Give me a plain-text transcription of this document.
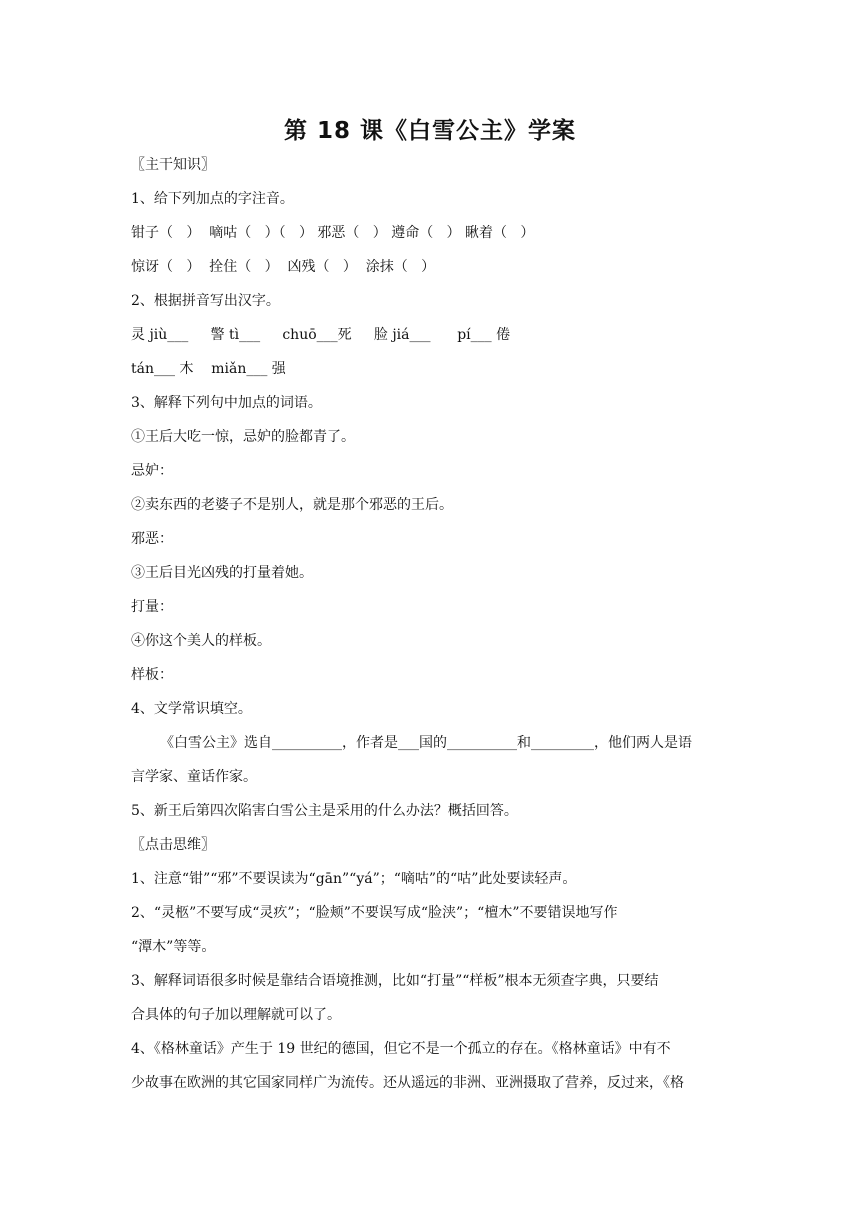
第 18 课《白雪公主》学案
〖主干知识〗
1、给下列加点的字注音。
钳子（   ）  嘀咕（   ）（   ） 邪恶（   ） 遵命（   ） 瞅着（   ）
惊讶（   ）  拴住（   ）  凶残（   ）  涂抹（   ）
2、根据拼音写出汉字。
灵 jiù___     警 tì___     chuō___死     脸 jiá___      pí___ 倦
tán___ 木    miǎn___ 强
3、解释下列句中加点的词语。
①王后大吃一惊，忌妒的脸都青了。
忌妒：
②卖东西的老婆子不是别人，就是那个邪恶的王后。
邪恶：
③王后目光凶残的打量着她。
打量：
④你这个美人的样板。
样板：
4、文学常识填空。
《白雪公主》选自__________，作者是___国的__________和_________，他们两人是语
言学家、童话作家。
5、新王后第四次陷害白雪公主是采用的什么办法？概括回答。
〖点击思维〗
1、注意“钳”“邪”不要误读为“gān”“yá”；“嘀咕”的“咕”此处要读轻声。
2、“灵柩”不要写成“灵疚”；“脸颊”不要误写成“脸浃”；“檀木”不要错误地写作
“潭木”等等。
3、解释词语很多时候是靠结合语境推测，比如“打量”“样板”根本无须查字典，只要结
合具体的句子加以理解就可以了。
4、《格林童话》产生于 19 世纪的德国，但它不是一个孤立的存在。《格林童话》中有不
少故事在欧洲的其它国家同样广为流传。还从遥远的非洲、亚洲摄取了营养，反过来，《格
